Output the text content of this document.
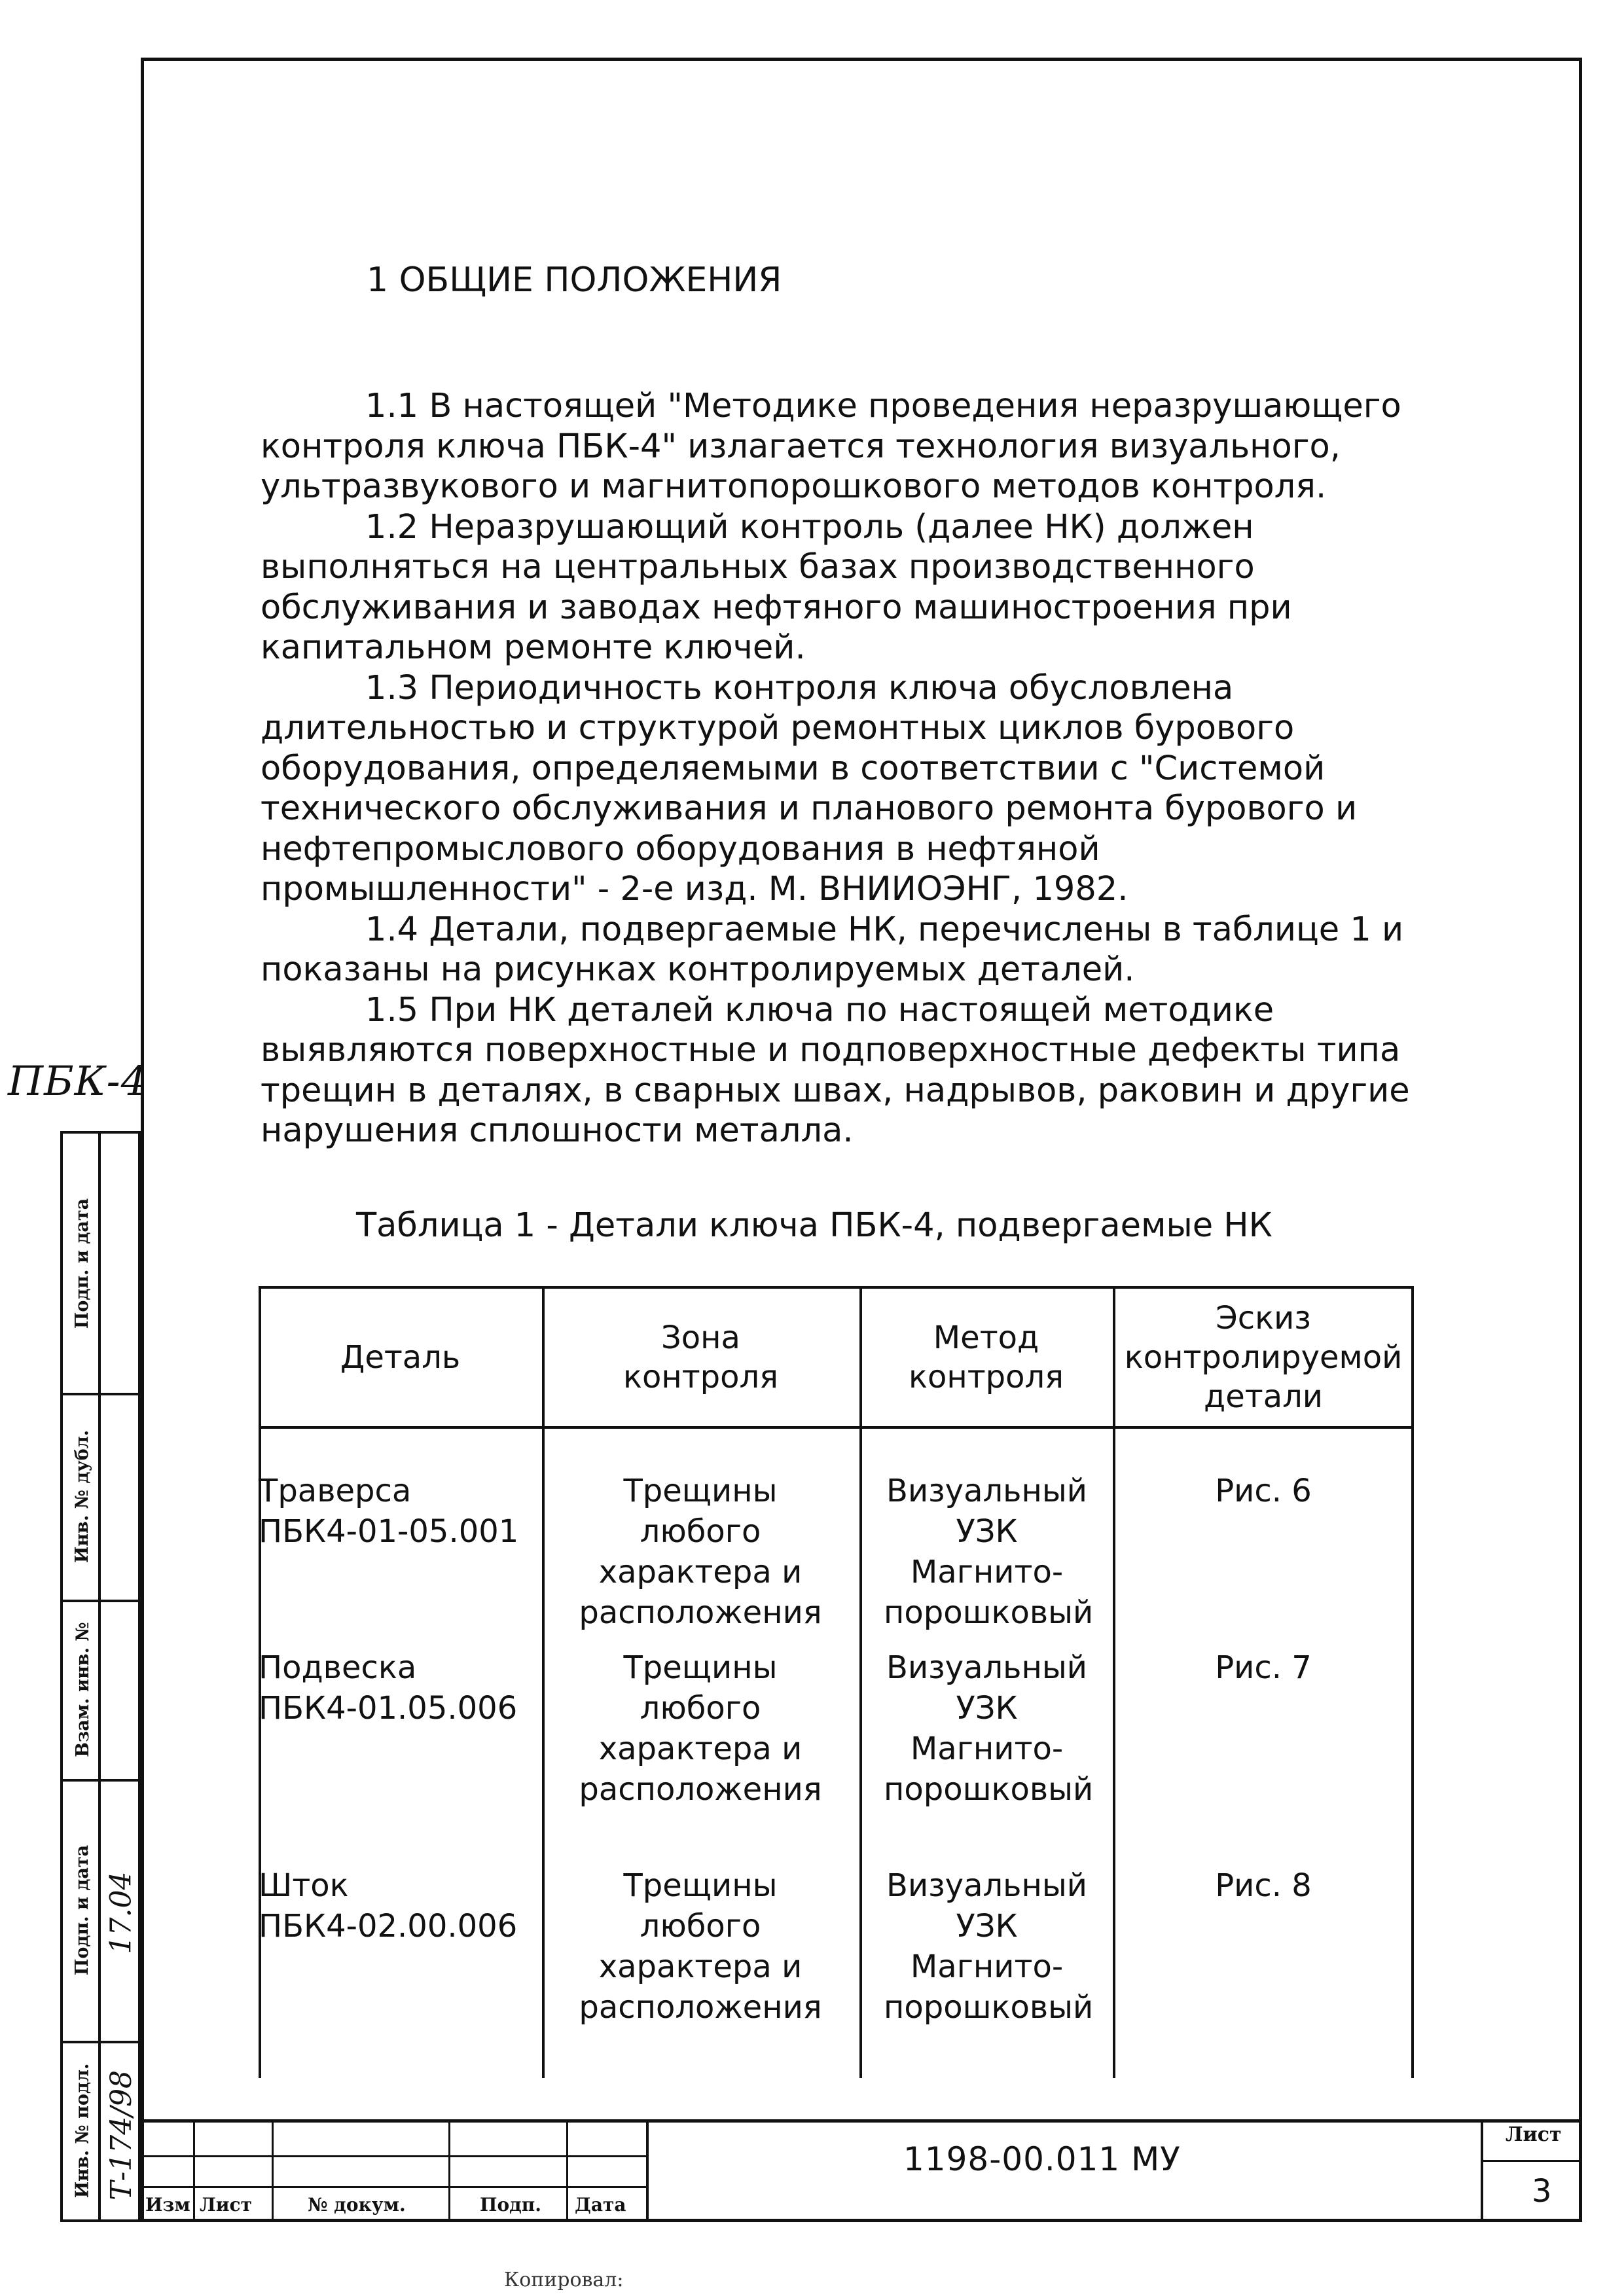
ПБК-4
Подп. и дата
Инв. № дубл.
Взам. инв. №
Подп. и дата
Инв. № подл.
17.04
Т-174/98
1 ОБЩИЕ ПОЛОЖЕНИЯ

1.1 В настоящей "Методике проведения неразрушающего контроля ключа ПБК-4" излагается технология визуального, ультразвукового и магнитопорошкового методов контроля.

1.2 Неразрушающий контроль (далее НК) должен выполняться на центральных базах производственного обслуживания и заводах нефтяного машиностроения при капитальном ремонте ключей.

1.3 Периодичность контроля ключа обусловлена длительностью и структурой ремонтных циклов бурового оборудования, определяемыми в соответствии с "Системой технического обслуживания и планового ремонта бурового и нефтепромыслового оборудования в нефтяной промышленности" - 2-е изд. М. ВНИИОЭНГ, 1982.

1.4 Детали, подвергаемые НК, перечислены в таблице 1 и показаны на рисунках контролируемых деталей.

1.5 При НК деталей ключа по настоящей методике выявляются поверхностные и подповерхностные дефекты типа трещин в деталях, в сварных швах, надрывов, раковин и другие нарушения сплошности металла.

Таблица 1 - Детали ключа ПБК-4, подвергаемые НК
Деталь
Зона контроля
Метод контроля
Эскиз контролируемой детали
Траверса
ПБК4-01-05.001
Трещины любого характера и расположения
Визуальный УЗК Магнито-порошковый
Рис. 6
Подвеска
ПБК4-01.05.006
Трещины любого характера и расположения
Визуальный УЗК Магнито-порошковый
Рис. 7
Шток
ПБК4-02.00.006
Трещины любого характера и расположения
Визуальный УЗК Магнито-порошковый
Рис. 8
Изм Лист	№ докум.	Подп. Дата
1198-00.011 МУ
Лист
3
Копировал:
